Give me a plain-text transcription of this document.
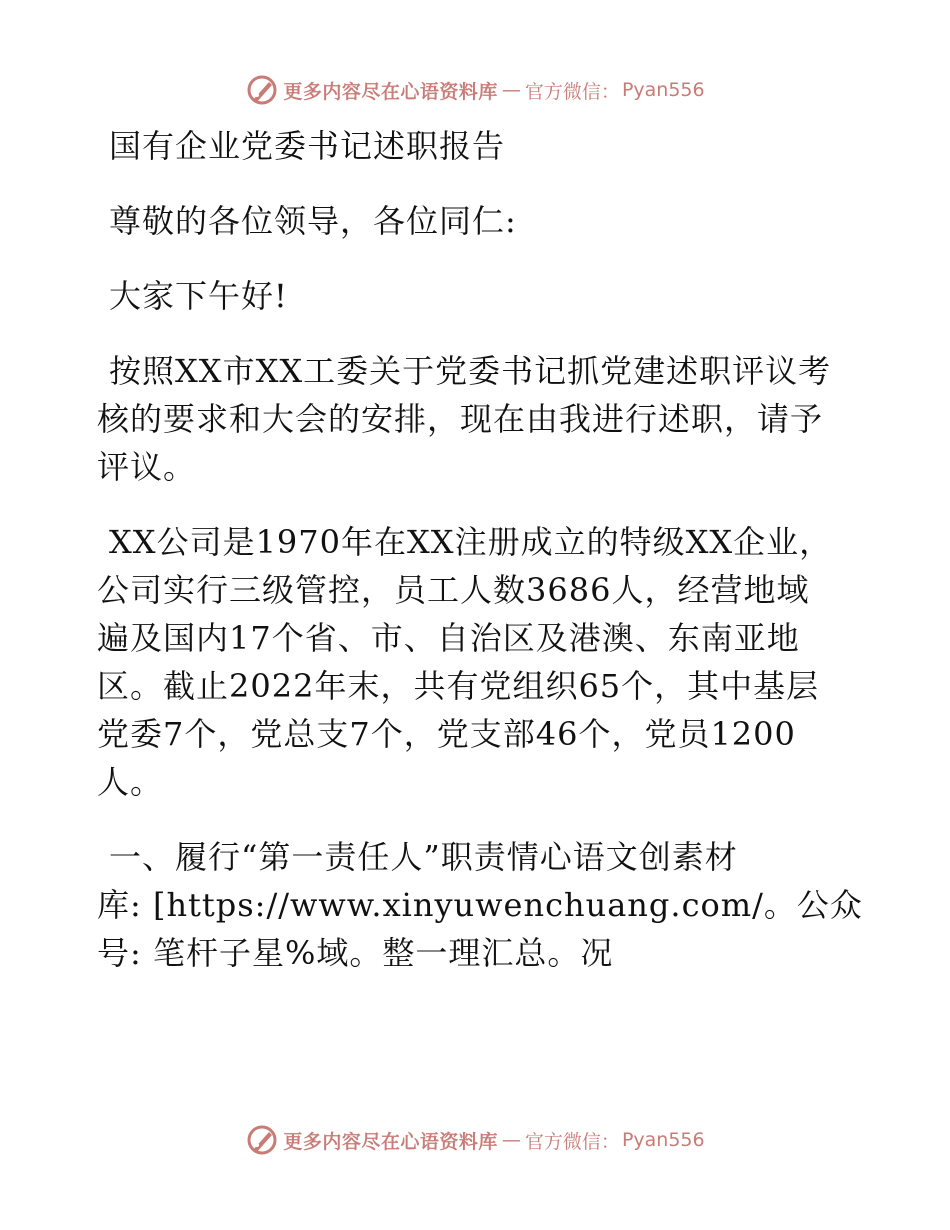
更多内容尽在心语资料库 — 官方微信： Pyan556
国有企业党委书记述职报告
尊敬的各位领导，各位同仁:
大家下午好!
按照XX市XX工委关于党委书记抓党建述职评议考
核的要求和大会的安排，现在由我进行述职，请予
评议。
XX公司是1970年在XX注册成立的特级XX企业，
公司实行三级管控，员工人数3686人，经营地域
遍及国内17个省、市、自治区及港澳、东南亚地
区。截止2022年末，共有党组织65个，其中基层
党委7个，党总支7个，党支部46个，党员1200
人。
一、履行“第一责任人”职责情心语文创素材
库: [https://www.xinyuwenchuang.com/。公众
号: 笔杆子星%域。整一理汇总。况
更多内容尽在心语资料库 — 官方微信： Pyan556
